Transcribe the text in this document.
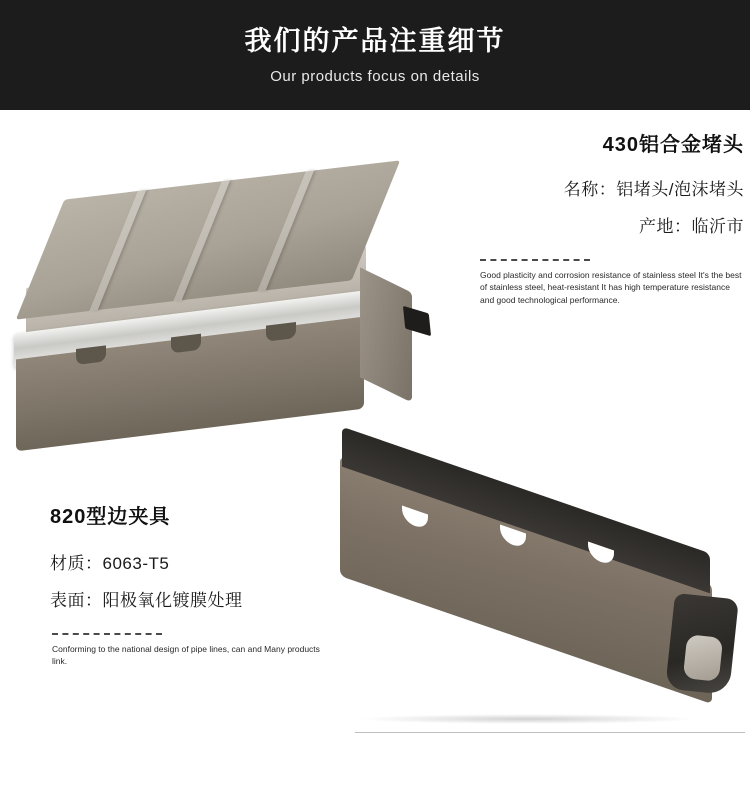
我们的产品注重细节
Our products focus on details
430铝合金堵头
名称：铝堵头/泡沫堵头
产地：临沂市
Good plasticity and corrosion resistance of stainless steel It's the best of stainless steel, heat-resistant It has high temperature resistance and good technological performance.
820型边夹具
材质：6063-T5
表面：阳极氧化镀膜处理
Conforming to the national design of pipe lines, can and Many products link.
